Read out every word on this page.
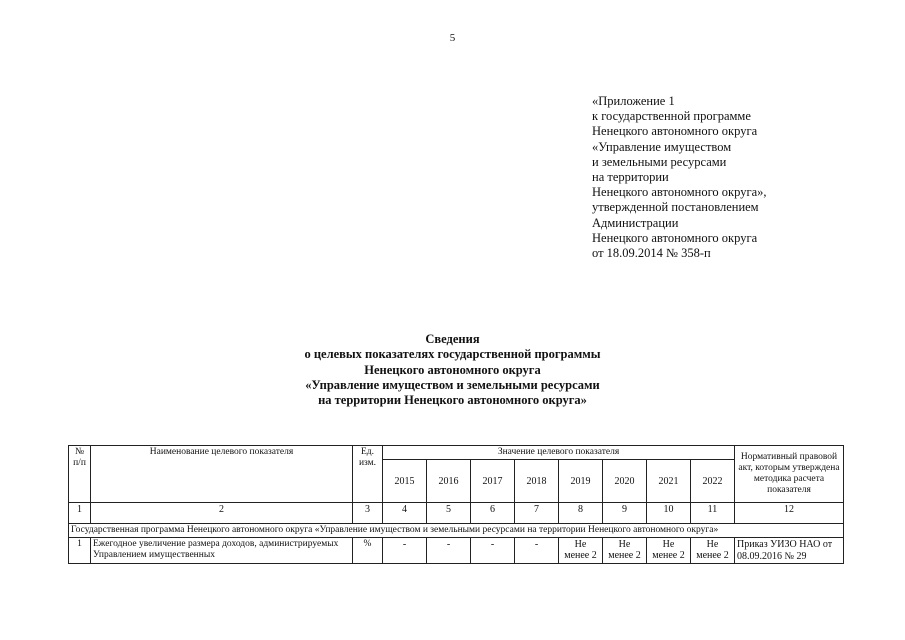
5
«Приложение 1
к государственной программе
Ненецкого автономного округа
«Управление имуществом
и земельными ресурсами
на территории
Ненецкого автономного округа»,
утвержденной постановлением
Администрации
Ненецкого автономного округа
от 18.09.2014 № 358-п
Сведения
о целевых показателях государственной программы
Ненецкого автономного округа
«Управление имуществом и земельными ресурсами
на территории Ненецкого автономного округа»
№ п/п	Наименование целевого показателя	Ед. изм.	Значение целевого показателя								Нормативный правовой акт, которым утверждена методика расчета показателя
			2015	2016	2017	2018	2019	2020	2021	2022	
1	2	3	4	5	6	7	8	9	10	11	12
Государственная программа Ненецкого автономного округа «Управление имуществом и земельными ресурсами на территории Ненецкого автономного округа»											
1	Ежегодное увеличение размера доходов, администрируемых Управлением имущественных	%	-	-	-	-	Не менее 2	Не менее 2	Не менее 2	Не менее 2	Приказ УИЗО НАО от 08.09.2016 № 29
